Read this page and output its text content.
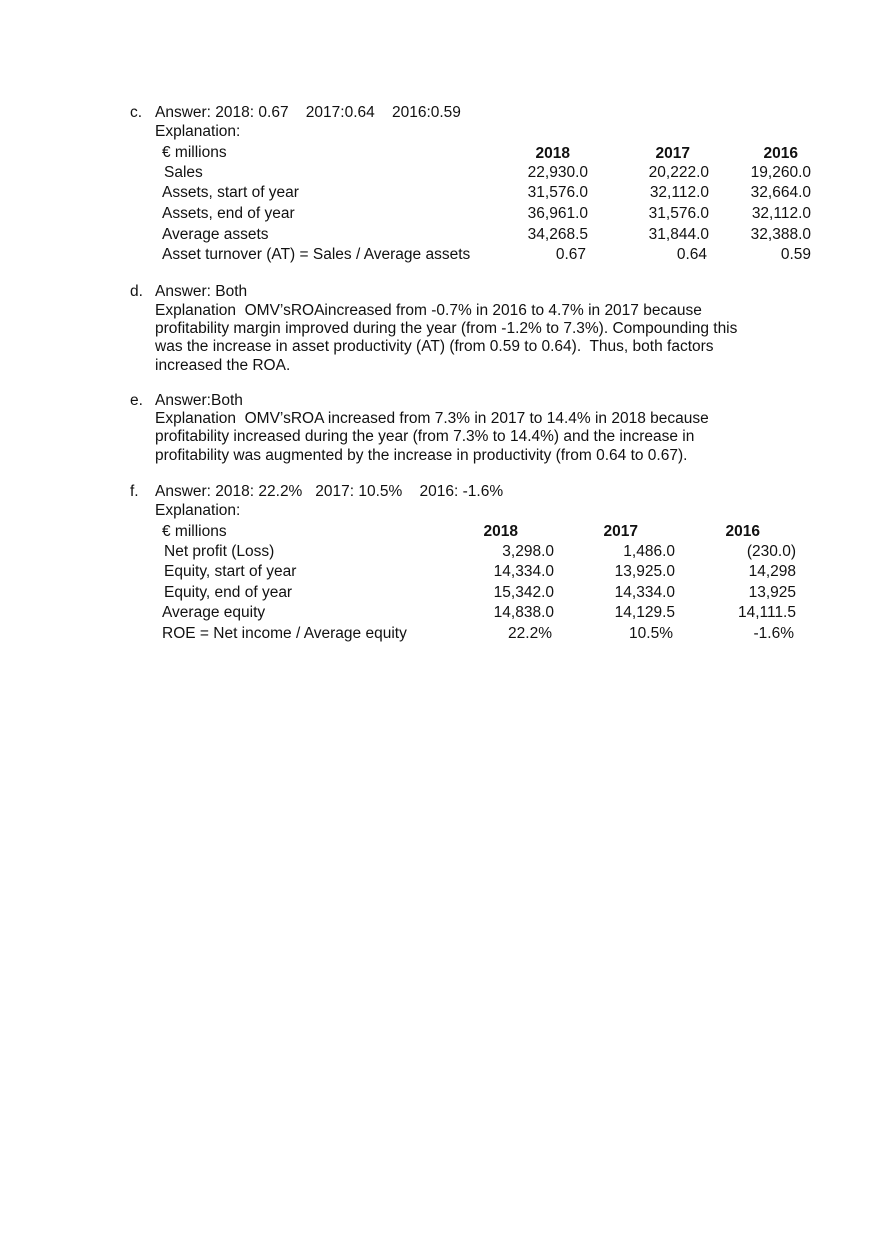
c. Answer: 2018: 0.67    2017:0.64    2016:0.59
Explanation:
€ millions	2018	2017	2016
Sales	22,930.0	20,222.0	19,260.0
Assets, start of year	31,576.0	32,112.0	32,664.0
Assets, end of year	36,961.0	31,576.0	32,112.0
Average assets	34,268.5	31,844.0	32,388.0
Asset turnover (AT) = Sales / Average assets	0.67	0.64	0.59
d. Answer: Both
Explanation  OMV’sROAincreased from -0.7% in 2016 to 4.7% in 2017 because
profitability margin improved during the year (from -1.2% to 7.3%). Compounding this
was the increase in asset productivity (AT) (from 0.59 to 0.64).  Thus, both factors
increased the ROA.
e. Answer:Both
Explanation  OMV’sROA increased from 7.3% in 2017 to 14.4% in 2018 because
profitability increased during the year (from 7.3% to 14.4%) and the increase in
profitability was augmented by the increase in productivity (from 0.64 to 0.67).
f. Answer: 2018: 22.2%   2017: 10.5%    2016: -1.6%
Explanation:
€ millions	2018	2017	2016
Net profit (Loss)	3,298.0	1,486.0	(230.0)
Equity, start of year	14,334.0	13,925.0	14,298
Equity, end of year	15,342.0	14,334.0	13,925
Average equity	14,838.0	14,129.5	14,111.5
ROE = Net income / Average equity	22.2%	10.5%	-1.6%
